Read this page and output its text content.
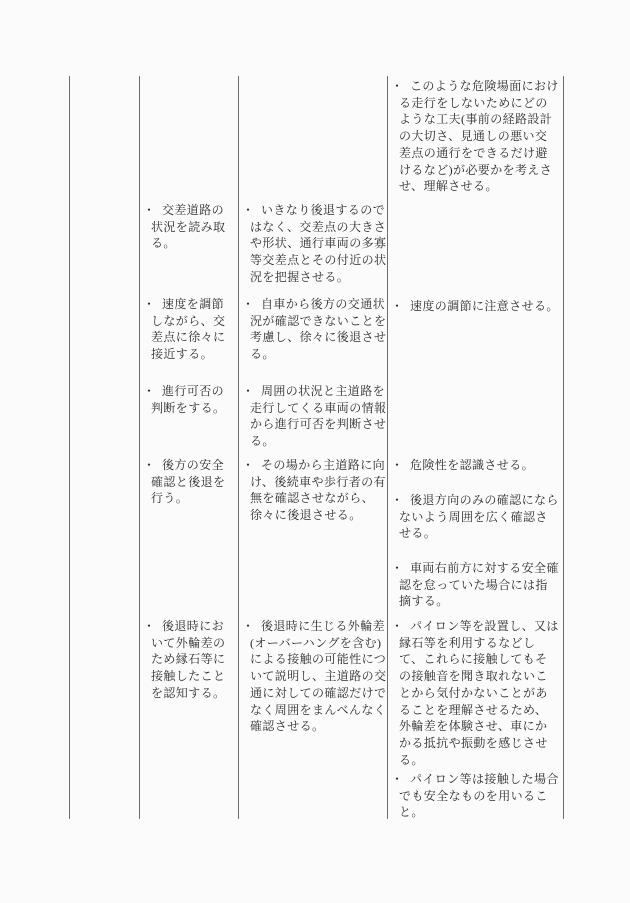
・ 交差道路の状況を読み取る。
・ 速度を調節しながら、交差点に徐々に接近する。
・ 進行可否の判断をする。
・ 後方の安全確認と後退を行う。
・ 後退時において外輪差のため縁石等に接触したことを認知する。
・ いきなり後退するのではなく、交差点の大きさや形状、通行車両の多寡等交差点とその付近の状況を把握させる。
・ 自車から後方の交通状況が確認できないことを考慮し、徐々に後退させる。
・ 周囲の状況と主道路を走行してくる車両の情報から進行可否を判断させる。
・ その場から主道路に向け、後続車や歩行者の有無を確認させながら、徐々に後退させる。
・ 後退時に生じる外輪差(オーバーハングを含む)による接触の可能性について説明し、主道路の交通に対しての確認だけでなく周囲をまんべんなく確認させる。
・ このような危険場面における走行をしないためにどのような工夫(事前の経路設計の大切さ、見通しの悪い交差点の通行をできるだけ避けるなど)が必要かを考えさせ、理解させる。
・ 速度の調節に注意させる。
・ 危険性を認識させる。
・ 後退方向のみの確認にならないよう周囲を広く確認させる。
・ 車両右前方に対する安全確認を怠っていた場合には指摘する。
・ パイロン等を設置し、又は縁石等を利用するなどして、これらに接触してもその接触音を聞き取れないことから気付かないことがあることを理解させるため、外輪差を体験させ、車にかかる抵抗や振動を感じさせる。
・ パイロン等は接触した場合でも安全なものを用いること。
